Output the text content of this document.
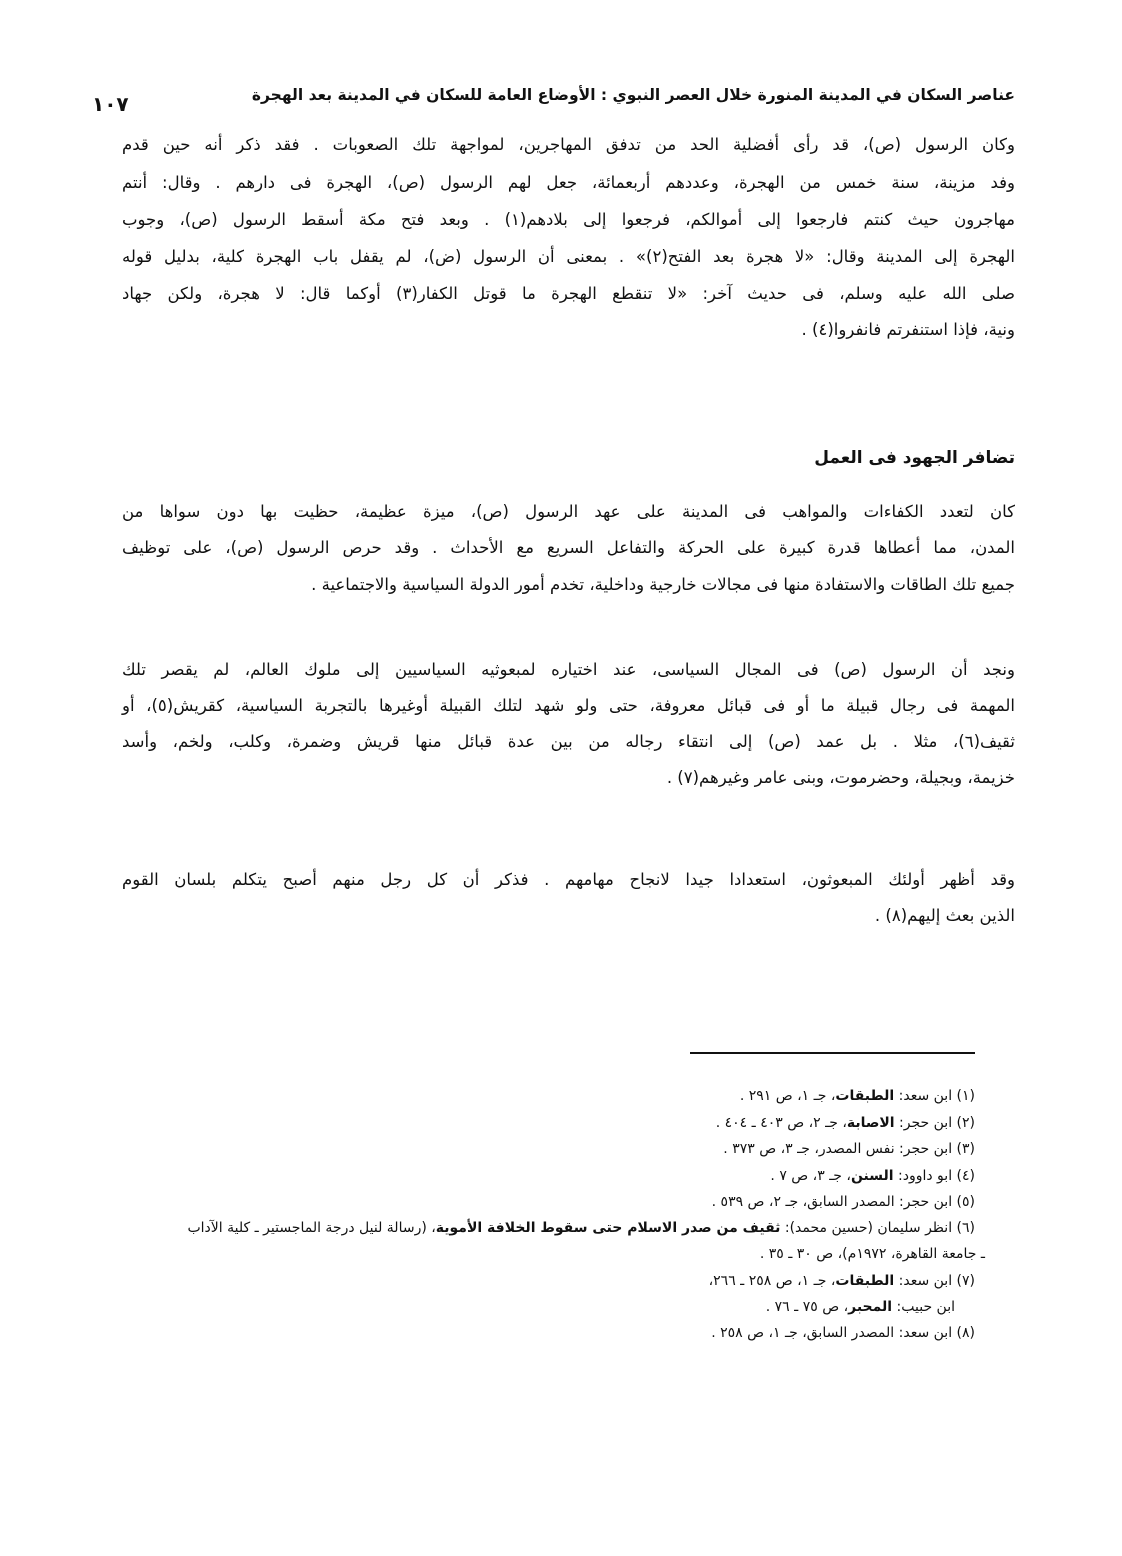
عناصر السكان في المدينة المنورة خلال العصر النبوي : الأوضاع العامة للسكان في المدينة بعد الهجرة
١٠٧
وكان الرسول (ص)، قد رأى أفضلية الحد من تدفق المهاجرين، لمواجهة تلك الصعوبات . فقد ذكر أنه حين قدم
وفد مزينة، سنة خمس من الهجرة، وعددهم أربعمائة، جعل لهم الرسول (ص)، الهجرة فى دارهم . وقال: أنتم
مهاجرون حيث كنتم فارجعوا إلى أموالكم، فرجعوا إلى بلادهم(١) . وبعد فتح مكة أسقط الرسول (ص)، وجوب
الهجرة إلى المدينة وقال: «لا هجرة بعد الفتح(٢)» . بمعنى أن الرسول (ض)، لم يقفل باب الهجرة كلية، بدليل قوله
صلى الله عليه وسلم، فى حديث آخر: «لا تنقطع الهجرة ما قوتل الكفار(٣) أوكما قال: لا هجرة، ولكن جهاد
ونية، فإذا استنفرتم فانفروا(٤) .
تضافر الجهود فى العمل
كان لتعدد الكفاءات والمواهب فى المدينة على عهد الرسول (ص)، ميزة عظيمة، حظيت بها دون سواها من
المدن، مما أعطاها قدرة كبيرة على الحركة والتفاعل السريع مع الأحداث . وقد حرص الرسول (ص)، على توظيف
جميع تلك الطاقات والاستفادة منها فى مجالات خارجية وداخلية، تخدم أمور الدولة السياسية والاجتماعية .
ونجد أن الرسول (ص) فى المجال السياسى، عند اختياره لمبعوثيه السياسيين إلى ملوك العالم، لم يقصر تلك
المهمة فى رجال قبيلة ما أو فى قبائل معروفة، حتى ولو شهد لتلك القبيلة أوغيرها بالتجربة السياسية، كقريش(٥)، أو
ثقيف(٦)، مثلا . بل عمد (ص) إلى انتقاء رجاله من بين عدة قبائل منها قريش وضمرة، وكلب، ولخم، وأسد
خزيمة، وبجيلة، وحضرموت، وبنى عامر وغيرهم(٧) .
وقد أظهر أولئك المبعوثون، استعدادا جيدا لانجاح مهامهم . فذكر أن كل رجل منهم أصبح يتكلم بلسان القوم
الذين بعث إليهم(٨) .
(١) ابن سعد: الطبقات، جـ ١، ص ٢٩١ .
(٢) ابن حجر: الاصابة، جـ ٢، ص ٤٠٣ ـ ٤٠٤ .
(٣) ابن حجر: نفس المصدر، جـ ٣، ص ٣٧٣ .
(٤) ابو داوود: السنن، جـ ٣، ص ٧ .
(٥) ابن حجر: المصدر السابق، جـ ٢، ص ٥٣٩ .
(٦) انظر سليمان (حسين محمد): ثقيف من صدر الاسلام حتى سقوط الخلافة الأموية، (رسالة لنيل درجة الماجستير ـ كلية الآداب
ـ جامعة القاهرة، ١٩٧٢م)، ص ٣٠ ـ ٣٥ .
(٧) ابن سعد: الطبقات، جـ ١، ص ٢٥٨ ـ ٢٦٦،
ابن حبيب: المحبر، ص ٧٥ ـ ٧٦ .
(٨) ابن سعد: المصدر السابق، جـ ١، ص ٢٥٨ .
